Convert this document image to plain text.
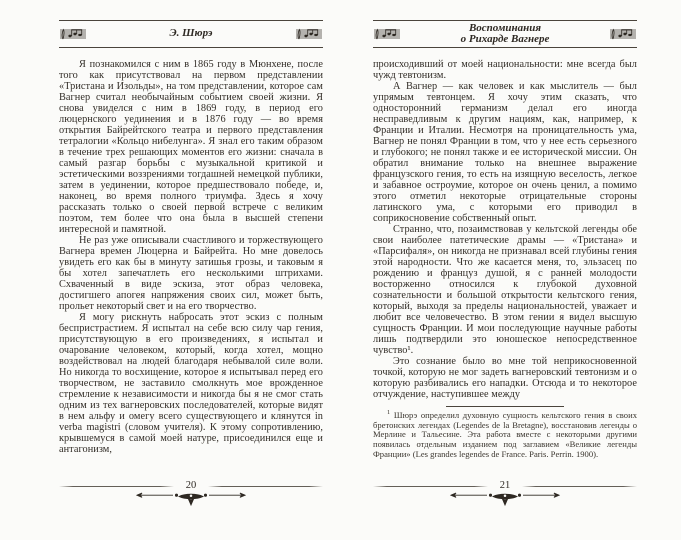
Э. Шюрэ

Я познакомился с ним в 1865 году в Мюнхене, после того как присутствовал на первом представлении «Тристана и Изольды», на том представлении, которое сам Вагнер считал необычайным событием своей жизни. Я снова увиделся с ним в 1869 году, в период его люцернского уединения и в 1876 году — во время открытия Байрейтского театра и первого представления тетралогии «Кольцо нибелунга». Я знал его таким образом в течение трех решающих моментов его жизни: сначала в самый разгар борьбы с музыкальной критикой и эстетическими воззрениями тогдашней немецкой публики, затем в уединении, которое предшествовало победе, и, наконец, во время полного триумфа. Здесь я хочу рассказать только о своей первой встрече с великим поэтом, тем более что она была в высшей степени интересной и памятной.

Не раз уже описывали счастливого и торжествующего Вагнера времен Люцерна и Байрейта. Но мне довелось увидеть его как бы в минуту затишья грозы, и таковым я бы хотел запечатлеть его несколькими штрихами. Схваченный в виде эскиза, этот образ человека, достигшего апогея напряжения своих сил, может быть, прольет некоторый свет и на его творчество.

Я могу рискнуть набросать этот эскиз с полным беспристрастием. Я испытал на себе всю силу чар гения, присутствующую в его произведениях, я испытал и очарование человеком, который, когда хотел, мощно воздействовал на людей благодаря небывалой силе воли. Но никогда то восхищение, которое я испытывал перед его творчеством, не заставило смолкнуть мое врожденное стремление к независимости и никогда бы я не смог стать одним из тех вагнеровских последователей, которые видят в нем альфу и омегу всего существующего и клянутся in verba magistri (словом учителя). К этому сопротивлению, крывшемуся в самой моей натуре, присоединился еще и антагонизм,

Воспоминания
о Рихарде Вагнере

происходивший от моей национальности: мне всегда был чужд тевтонизм.

А Вагнер — как человек и как мыслитель — был упрямым тевтонцем. Я хочу этим сказать, что односторонний германизм делал его иногда несправедливым к другим нациям, как, например, к Франции и Италии. Несмотря на проницательность ума, Вагнер не понял Франции в том, что у нее есть серьезного и глубокого; не понял также и ее исторической миссии. Он обратил внимание только на внешнее выражение французского гения, то есть на изящную веселость, легкое и забавное остроумие, которое он очень ценил, а помимо этого отметил некоторые отрицательные стороны латинского ума, с которыми его приводил в соприкосновение собственный опыт.

Странно, что, позаимствовав у кельтской легенды обе свои наиболее патетические драмы — «Тристана» и «Парсифаля», он никогда не признавал всей глубины гения этой народности. Что же касается меня, то, эльзасец по рождению и француз душой, я с ранней молодости восторженно относился к глубокой духовной сознательности и большой открытости кельтского гения, который, выходя за пределы национальностей, уважает и любит все человечество. В этом гении я видел высшую сущность Франции. И мои последующие научные работы лишь подтвердили это юношеское непосредственное чувство¹.

Это сознание было во мне той неприкосновенной точкой, которую не мог задеть вагнеровский тевтонизм и о которую разбивались его нападки. Отсюда и то некоторое отчуждение, наступившее между

$^1$ Шюрэ определил духовную сущность кельтского гения в своих бретонских легендах (Legendes de la Bretagne), восстановив легенды о Мерлине и Тальесине. Эта работа вместе с некоторыми другими появилась отдельным изданием под заглавием «Великие легенды Франции» (Les grandes legendes de France. Paris. Perrin. 1900).

20	21
